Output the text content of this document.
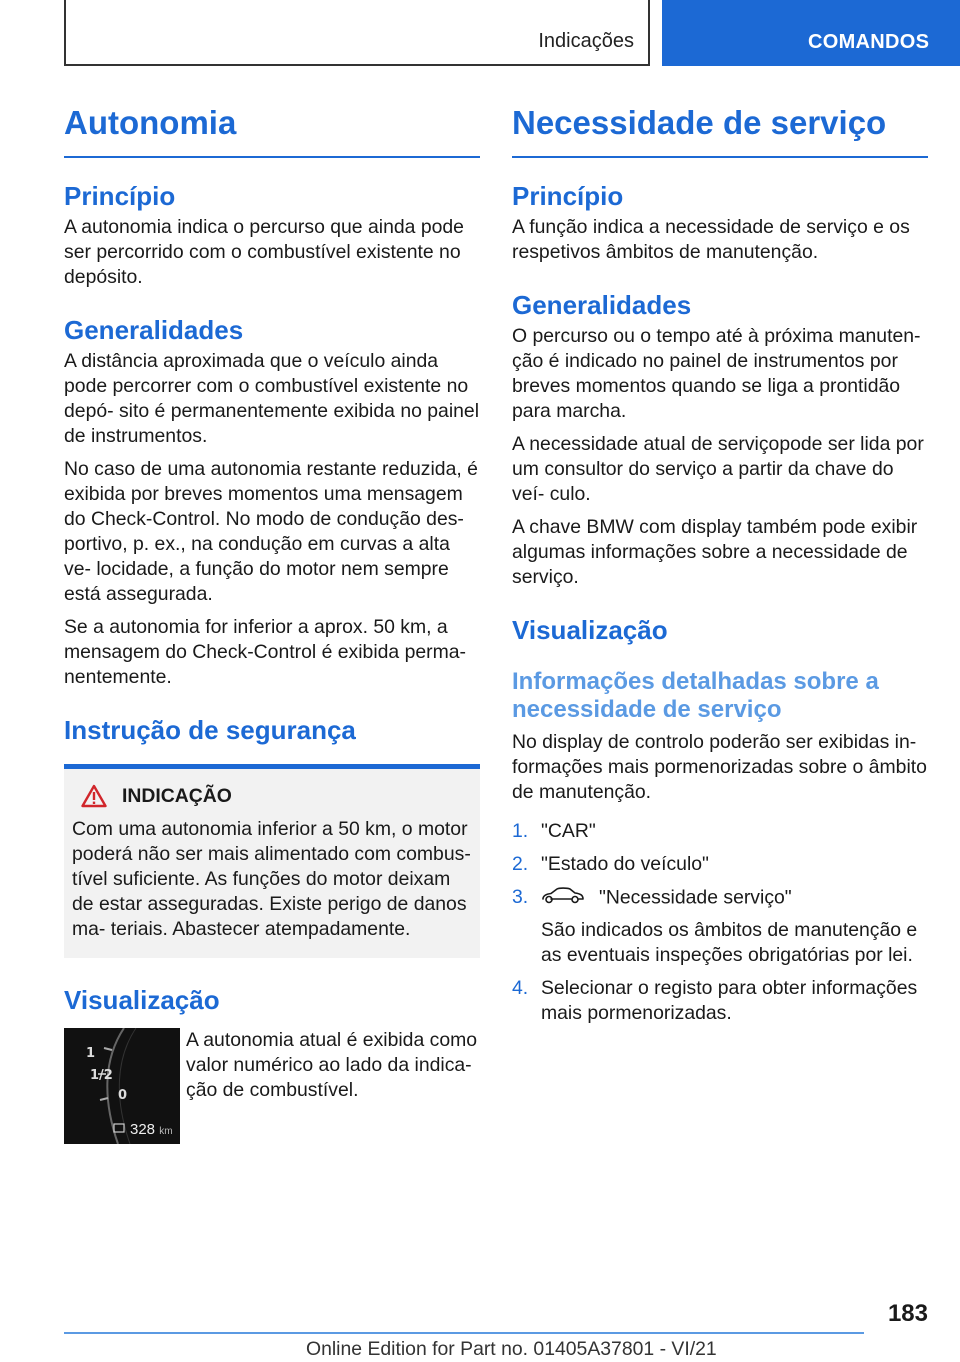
Indicações	COMANDOS
Autonomia
Princípio
A autonomia indica o percurso que ainda pode ser percorrido com o combustível existente no depósito.
Generalidades
A distância aproximada que o veículo ainda pode percorrer com o combustível existente no depó- sito é permanentemente exibida no painel de instrumentos.
No caso de uma autonomia restante reduzida, é exibida por breves momentos uma mensagem do Check-Control. No modo de condução des- portivo, p. ex., na condução em curvas a alta ve- locidade, a função do motor nem sempre está assegurada.
Se a autonomia for inferior a aprox. 50 km, a mensagem do Check-Control é exibida perma- nentemente.
Instrução de segurança
INDICAÇÃO
Com uma autonomia inferior a 50 km, o motor poderá não ser mais alimentado com combus- tível suficiente. As funções do motor deixam de estar asseguradas. Existe perigo de danos ma- teriais. Abastecer atempadamente.
Visualização
1
1/2
0
328 km
A autonomia atual é exibida como valor numérico ao lado da indica- ção de combustível.
Necessidade de serviço
Princípio
A função indica a necessidade de serviço e os respetivos âmbitos de manutenção.
Generalidades
O percurso ou o tempo até à próxima manuten- ção é indicado no painel de instrumentos por breves momentos quando se liga a prontidão para marcha.
A necessidade atual de serviçopode ser lida por um consultor do serviço a partir da chave do veí- culo.
A chave BMW com display também pode exibir algumas informações sobre a necessidade de serviço.
Visualização
Informações detalhadas sobre a necessidade de serviço
No display de controlo poderão ser exibidas in- formações mais pormenorizadas sobre o âmbito de manutenção.
1. "CAR"
2. "Estado do veículo"
3.	"Necessidade serviço"
São indicados os âmbitos de manutenção e as eventuais inspeções obrigatórias por lei.
4. Selecionar o registo para obter informações mais pormenorizadas.
183
Online Edition for Part no. 01405A37801 - VI/21
